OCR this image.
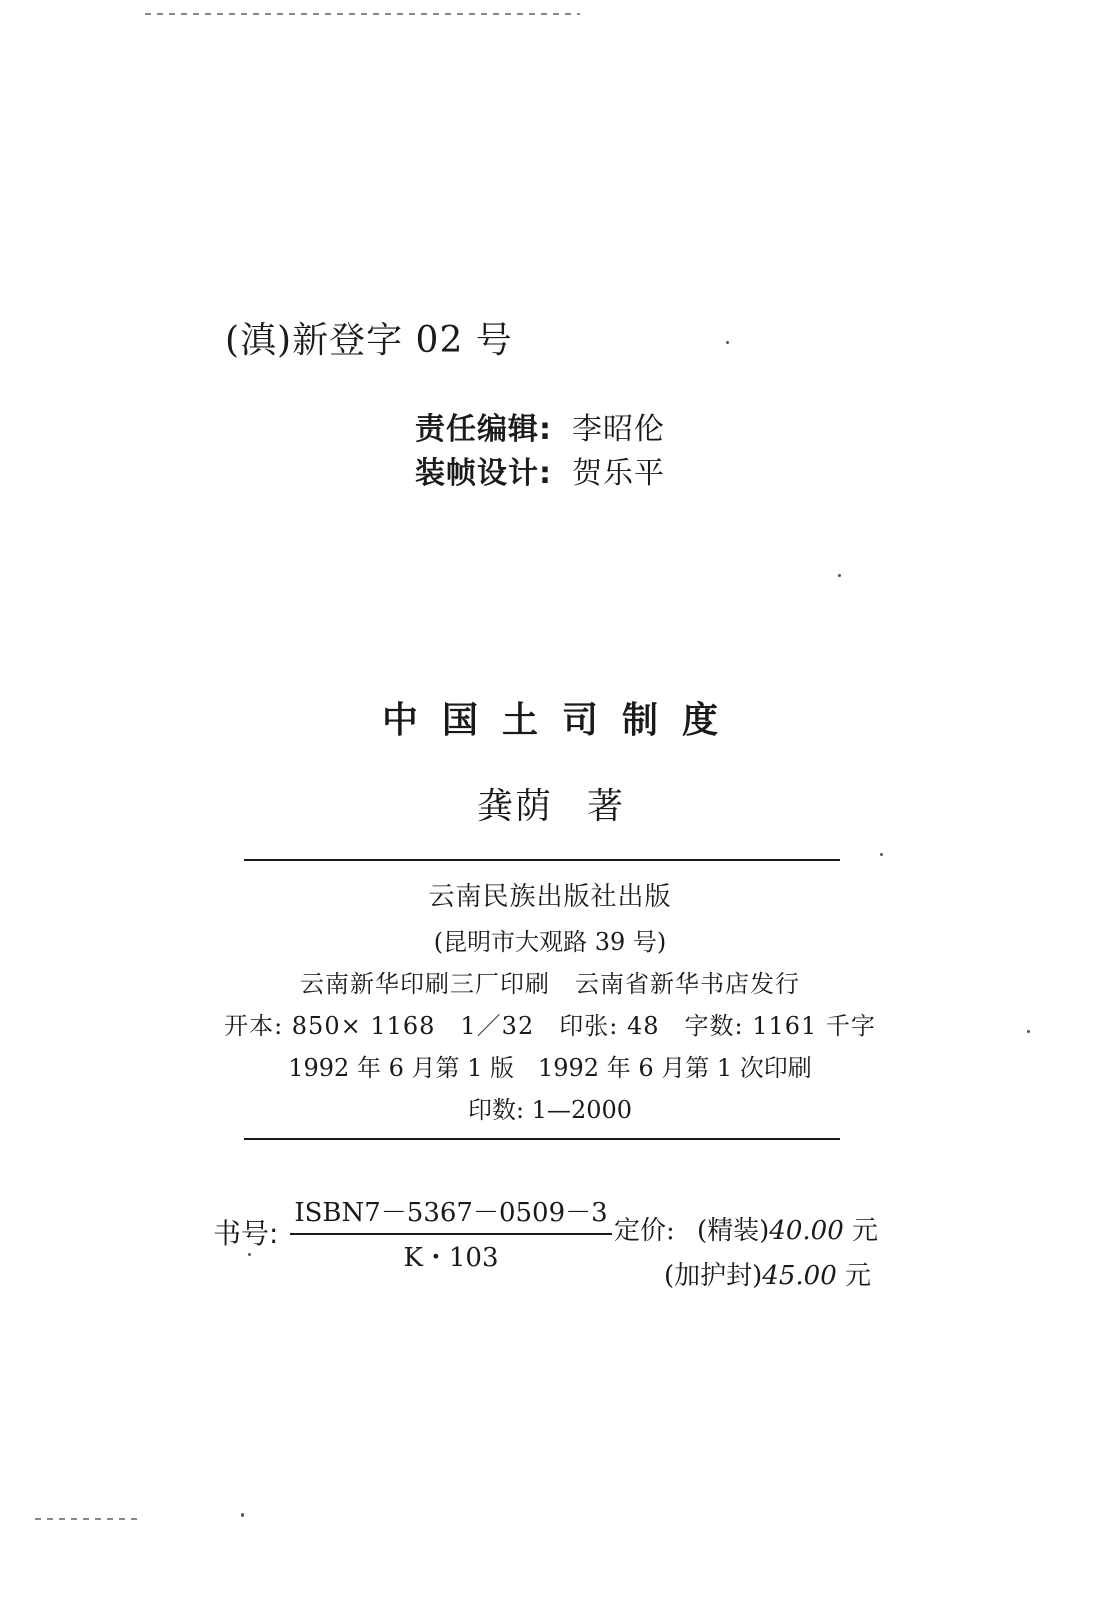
(滇)新登字 02 号
责任编辑: 李昭伦
装帧设计: 贺乐平
中国土司制度
龚荫 著
云南民族出版社出版
(昆明市大观路 39 号)
云南新华印刷三厂印刷　云南省新华书店发行
开本: 850× 1168　1／32　印张: 48　字数: 1161 千字
1992 年 6 月第 1 版　1992 年 6 月第 1 次印刷
印数: 1—2000
书号:
ISBN7－5367－0509－3
K・103
定价: (精装)40.00 元
(加护封)45.00 元
